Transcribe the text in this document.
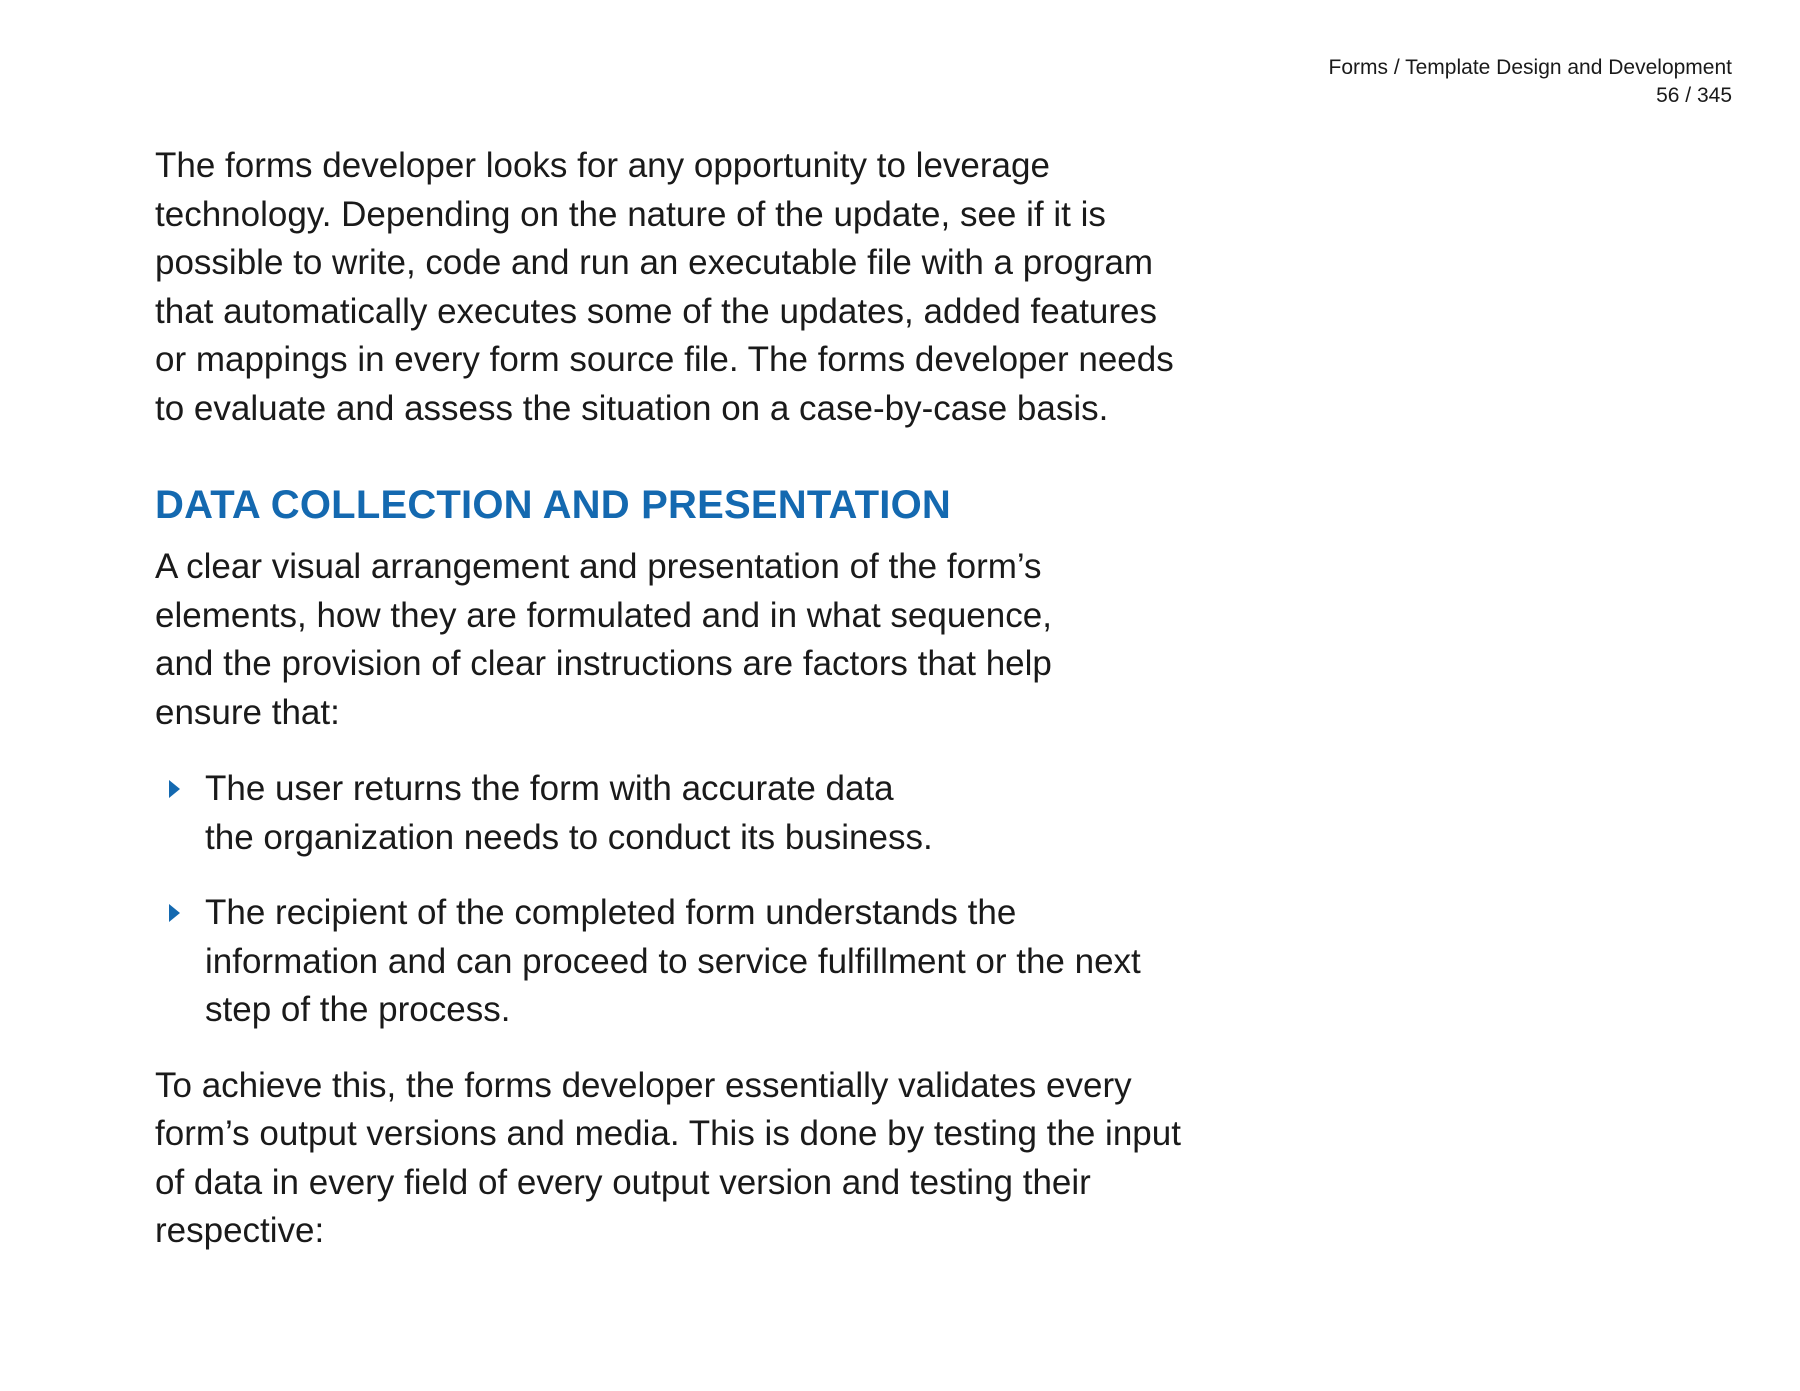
Forms / Template Design and Development
56 / 345

The forms developer looks for any opportunity to leverage
technology. Depending on the nature of the update, see if it is
possible to write, code and run an executable file with a program
that automatically executes some of the updates, added features
or mappings in every form source file. The forms developer needs
to evaluate and assess the situation on a case-by-case basis.

DATA COLLECTION AND PRESENTATION

A clear visual arrangement and presentation of the form’s
elements, how they are formulated and in what sequence,
and the provision of clear instructions are factors that help
ensure that:

The user returns the form with accurate data
the organization needs to conduct its business.

The recipient of the completed form understands the
information and can proceed to service fulfillment or the next
step of the process.

To achieve this, the forms developer essentially validates every
form’s output versions and media. This is done by testing the input
of data in every field of every output version and testing their
respective:
